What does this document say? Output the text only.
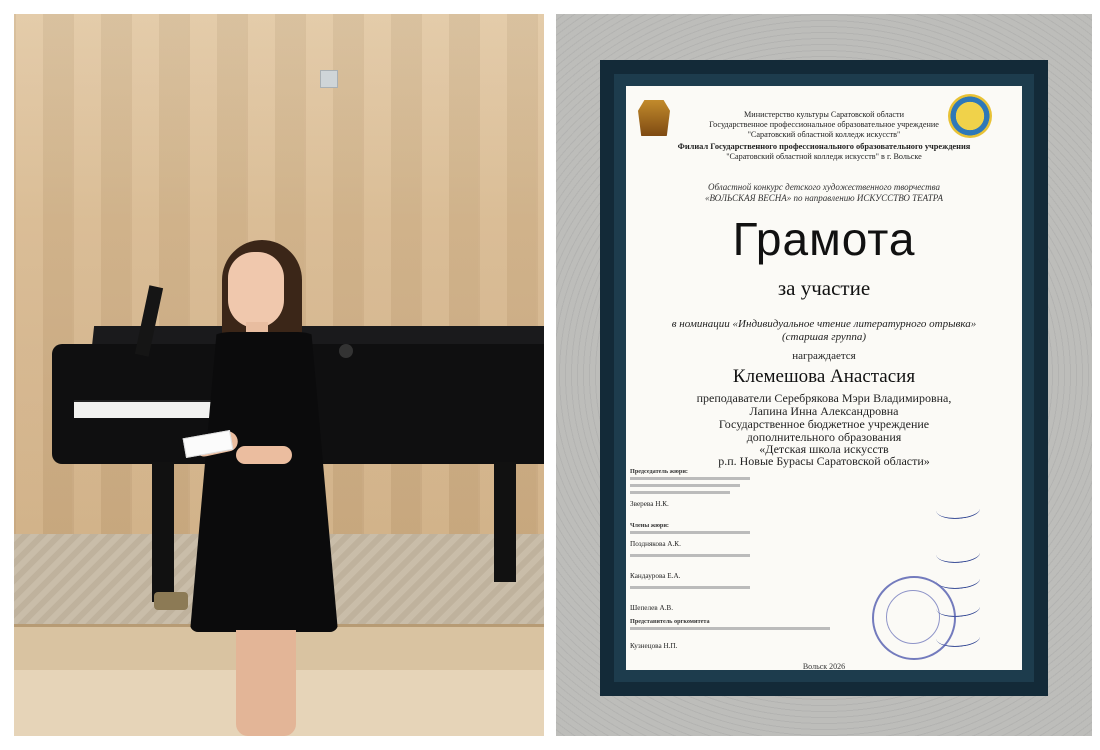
Министерство культуры Саратовской области
Государственное профессиональное образовательное учреждение
"Саратовский областной колледж искусств"
Филиал Государственного профессионального образовательного учреждения
"Саратовский областной колледж искусств" в г. Вольске
Областной конкурс детского художественного творчества
«ВОЛЬСКАЯ ВЕСНА» по направлению ИСКУССТВО ТЕАТРА
Грамота
за участие
в номинации «Индивидуальное чтение литературного отрывка»
(старшая группа)
награждается
Клемешова Анастасия
преподаватели Серебрякова Мэри Владимировна,
Лапина Инна Александровна
Государственное бюджетное учреждение
дополнительного образования
«Детская школа искусств
р.п. Новые Бурасы Саратовской области»
Председатель жюри:
Зверева Н.К.
Члены жюри:
Позднякова А.К.
Кандаурова Е.А.
Шепелев А.В.
Представитель оргкомитета
Кузнецова Н.П.
Вольск 2026
